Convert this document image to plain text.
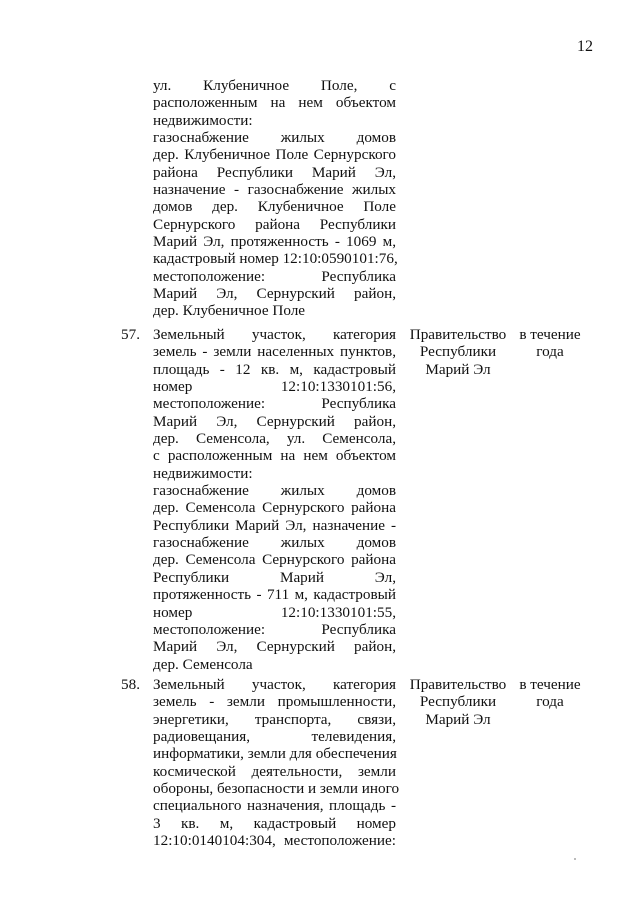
12
ул. Клубеничное Поле, с
расположенным на нем объектом
недвижимости:
газоснабжение жилых домов
дер. Клубеничное Поле Сернурского
района Республики Марий Эл,
назначение - газоснабжение жилых
домов дер. Клубеничное Поле
Сернурского района Республики
Марий Эл, протяженность - 1069 м,
кадастровый номер 12:10:0590101:76,
местоположение: Республика
Марий Эл, Сернурский район,
дер. Клубеничное Поле
57. Земельный участок, категория
земель - земли населенных пунктов,
площадь - 12 кв. м, кадастровый
номер 12:10:1330101:56,
местоположение: Республика
Марий Эл, Сернурский район,
дер. Семенсола, ул. Семенсола,
с расположенным на нем объектом
недвижимости:
газоснабжение жилых домов
дер. Семенсола Сернурского района
Республики Марий Эл, назначение -
газоснабжение жилых домов
дер. Семенсола Сернурского района
Республики Марий Эл,
протяженность - 711 м, кадастровый
номер 12:10:1330101:55,
местоположение: Республика
Марий Эл, Сернурский район,
дер. Семенсола
Правительство
Республики
Марий Эл
в течение
года
58. Земельный участок, категория
земель - земли промышленности,
энергетики, транспорта, связи,
радиовещания, телевидения,
информатики, земли для обеспечения
космической деятельности, земли
обороны, безопасности и земли иного
специального назначения, площадь -
3 кв. м, кадастровый номер
12:10:0140104:304, местоположение:
Правительство
Республики
Марий Эл
в течение
года
